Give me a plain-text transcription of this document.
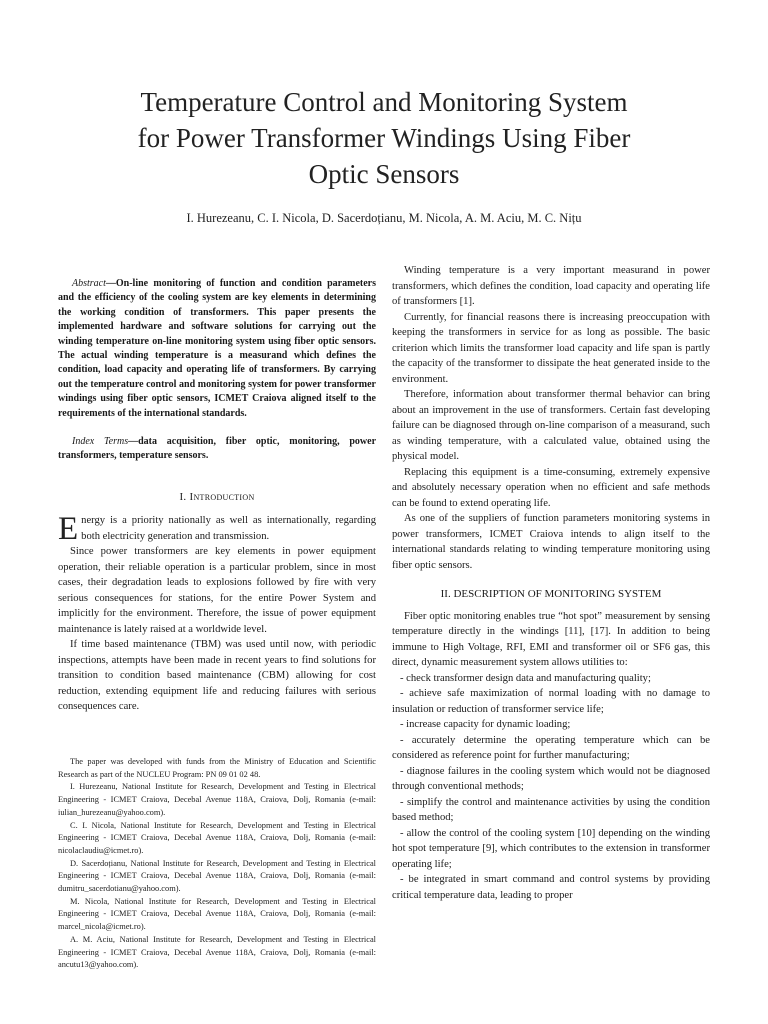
Temperature Control and Monitoring System
for Power Transformer Windings Using Fiber
Optic Sensors
I. Hurezeanu, C. I. Nicola, D. Sacerdoțianu, M. Nicola, A. M. Aciu, M. C. Nițu

Abstract—On-line monitoring of function and condition parameters and the efficiency of the cooling system are key elements in determining the working condition of transformers. This paper presents the implemented hardware and software solutions for carrying out the winding temperature on-line monitoring system using fiber optic sensors. The actual winding temperature is a measurand which defines the condition, load capacity and operating life of transformers. By carrying out the temperature control and monitoring system for power transformer windings using fiber optic sensors, ICMET Craiova aligned itself to the requirements of the international standards.

Index Terms—data acquisition, fiber optic, monitoring, power transformers, temperature sensors.

I. Introduction

Energy is a priority nationally as well as internationally, regarding both electricity generation and transmission.

Since power transformers are key elements in power equipment operation, their reliable operation is a particular problem, since in most cases, their degradation leads to explosions followed by fire with very serious consequences for stations, for the entire Power System and implicitly for the environment. Therefore, the issue of power equipment maintenance is lately raised at a worldwide level.

If time based maintenance (TBM) was used until now, with periodic inspections, attempts have been made in recent years to find solutions for transition to condition based maintenance (CBM) allowing for cost reduction, extending equipment life and reducing failures with serious consequences care.

The paper was developed with funds from the Ministry of Education and Scientific Research as part of the NUCLEU Program: PN 09 01 02 48.

I. Hurezeanu, National Institute for Research, Development and Testing in Electrical Engineering - ICMET Craiova, Decebal Avenue 118A, Craiova, Dolj, Romania (e-mail: iulian_hurezeanu@yahoo.com).

C. I. Nicola, National Institute for Research, Development and Testing in Electrical Engineering - ICMET Craiova, Decebal Avenue 118A, Craiova, Dolj, Romania (e-mail: nicolaclaudiu@icmet.ro).

D. Sacerdoțianu, National Institute for Research, Development and Testing in Electrical Engineering - ICMET Craiova, Decebal Avenue 118A, Craiova, Dolj, Romania (e-mail: dumitru_sacerdotianu@yahoo.com).

M. Nicola, National Institute for Research, Development and Testing in Electrical Engineering - ICMET Craiova, Decebal Avenue 118A, Craiova, Dolj, Romania (e-mail: marcel_nicola@icmet.ro).

A. M. Aciu, National Institute for Research, Development and Testing in Electrical Engineering - ICMET Craiova, Decebal Avenue 118A, Craiova, Dolj, Romania (e-mail: ancutu13@yahoo.com).

Winding temperature is a very important measurand in power transformers, which defines the condition, load capacity and operating life of transformers [1].

Currently, for financial reasons there is increasing preoccupation with keeping the transformers in service for as long as possible. The basic criterion which limits the transformer load capacity and life span is partly the capacity of the transformer to dissipate the heat generated inside to the environment.

Therefore, information about transformer thermal behavior can bring about an improvement in the use of transformers. Certain fast developing failure can be diagnosed through on-line comparison of a measurand, such as winding temperature, with a calculated value, obtained using the physical model.

Replacing this equipment is a time-consuming, extremely expensive and absolutely necessary operation when no efficient and safe methods can be found to extend operating life.

As one of the suppliers of function parameters monitoring systems in power transformers, ICMET Craiova intends to align itself to the international standards relating to winding temperature monitoring using fiber optic sensors.

II. DESCRIPTION OF MONITORING SYSTEM

Fiber optic monitoring enables true “hot spot” measurement by sensing temperature directly in the windings [11], [17]. In addition to being immune to High Voltage, RFI, EMI and transformer oil or SF6 gas, this direct, dynamic measurement system allows utilities to:

- check transformer design data and manufacturing quality;

- achieve safe maximization of normal loading with no damage to insulation or reduction of transformer service life;

- increase capacity for dynamic loading;

- accurately determine the operating temperature which can be considered as reference point for further manufacturing;

- diagnose failures in the cooling system which would not be diagnosed through conventional methods;

- simplify the control and maintenance activities by using the condition based method;

- allow the control of the cooling system [10] depending on the winding hot spot temperature [9], which contributes to the extension in transformer operating life;

- be integrated in smart command and control systems by providing critical temperature data, leading to proper
